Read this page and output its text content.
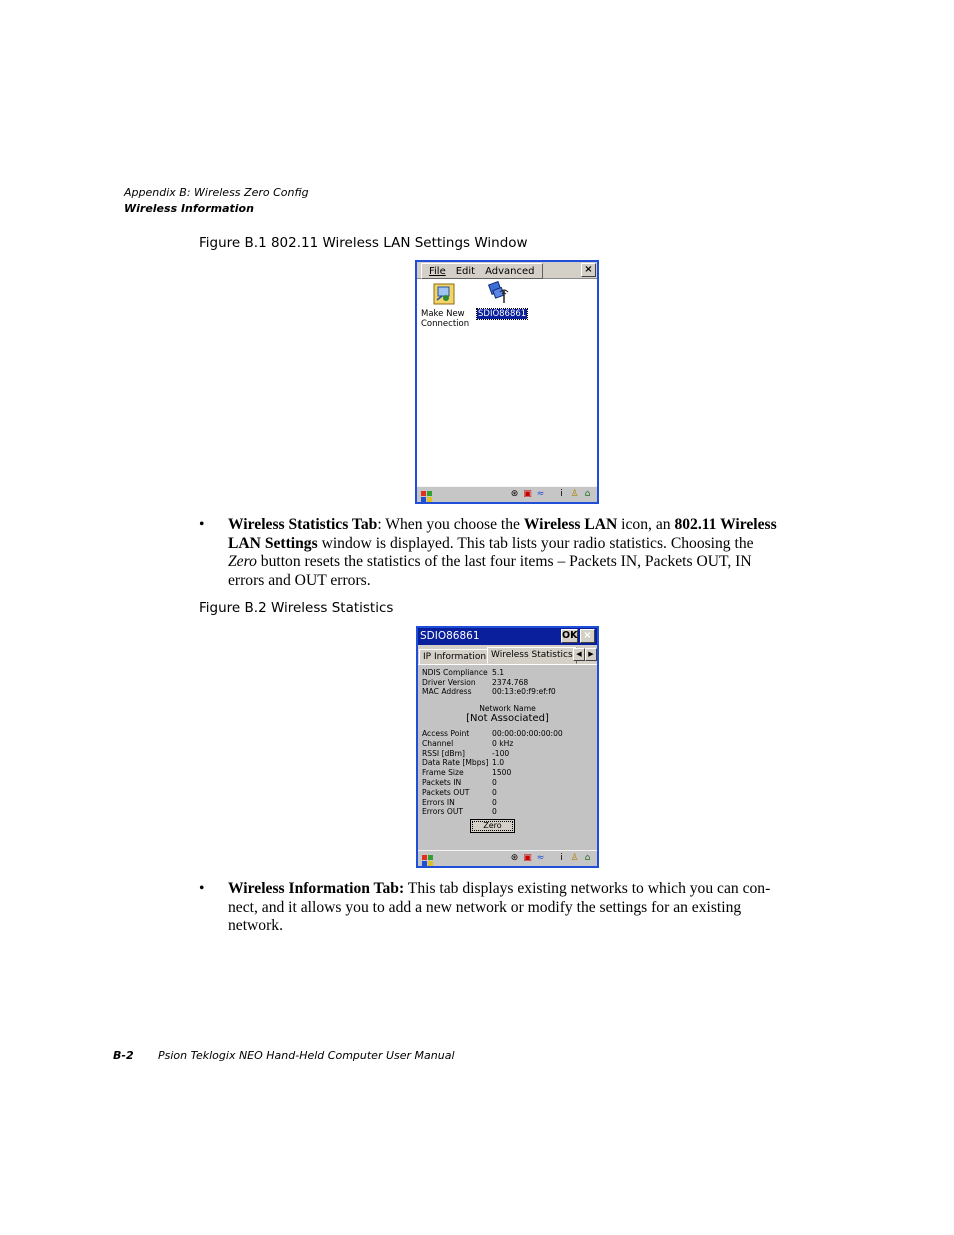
Appendix B: Wireless Zero Config
Wireless Information
Figure B.1 802.11 Wireless LAN Settings Window
File	Edit	Advanced	×
Make New
Connection
SDIO86861
⊛ ▣ ≈	i ♙ ⌂
• Wireless Statistics Tab: When you choose the Wireless LAN icon, an 802.11 Wireless
LAN Settings window is displayed. This tab lists your radio statistics. Choosing the
Zero button resets the statistics of the last four items – Packets IN, Packets OUT, IN
errors and OUT errors.
Figure B.2 Wireless Statistics
SDIO86861	OK ×
IP Information Wireless Statistics ◀ ▶
NDIS Compliance 5.1
Driver Version 2374.768
MAC Address	00:13:e0:f9:ef:f0
Network Name
[Not Associated]
Access Point	00:00:00:00:00:00
Channel	0 kHz
RSSI [dBm]	-100
Data Rate [Mbps] 1.0
Frame Size	1500
Packets IN	0
Packets OUT	0
Errors IN	0
Errors OUT	0
Zero
⊛ ▣ ≈	i ♙ ⌂
• Wireless Information Tab: This tab displays existing networks to which you can con-
nect, and it allows you to add a new network or modify the settings for an existing
network.
B-2 Psion Teklogix NEO Hand-Held Computer User Manual
